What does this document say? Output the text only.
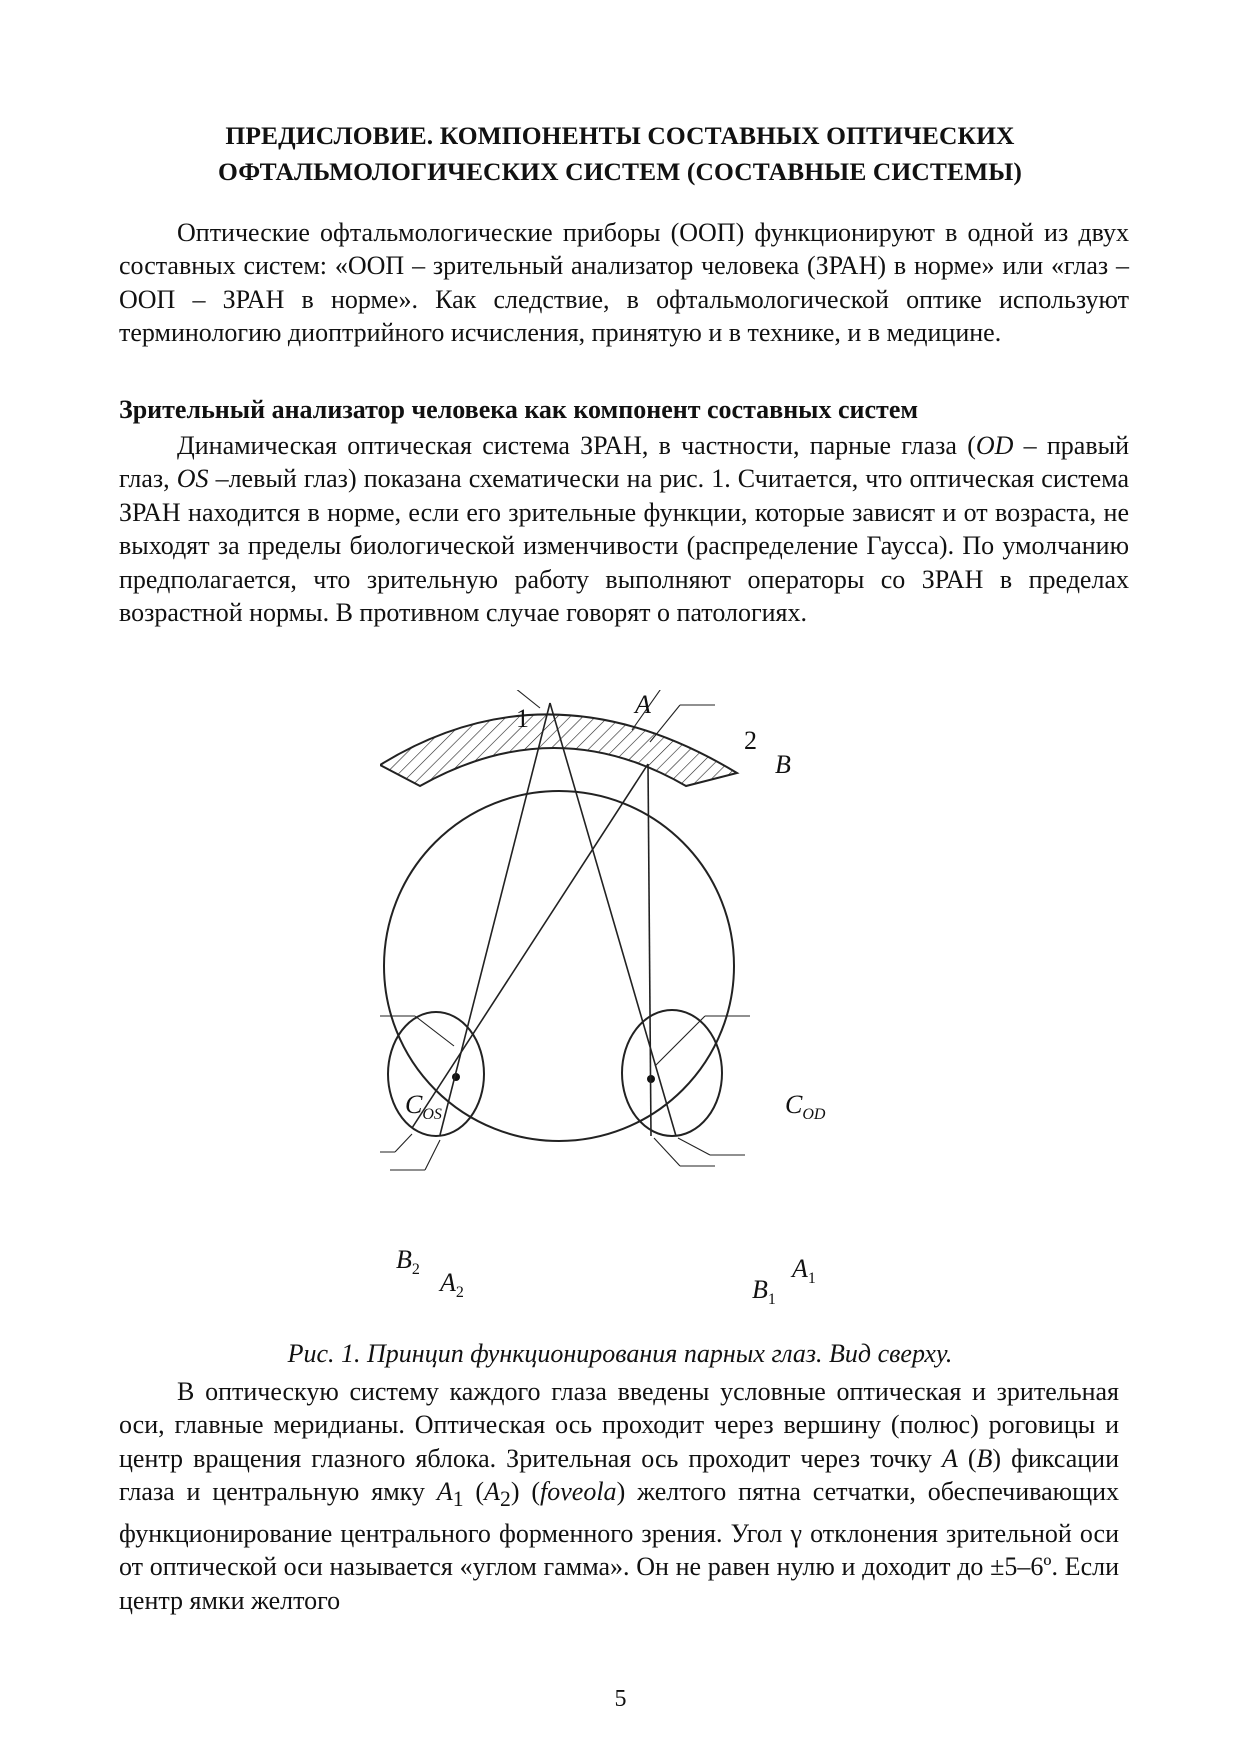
ПРЕДИСЛОВИЕ. КОМПОНЕНТЫ СОСТАВНЫХ ОПТИЧЕСКИХ
ОФТАЛЬМОЛОГИЧЕСКИХ СИСТЕМ (СОСТАВНЫЕ СИСТЕМЫ)
Оптические офтальмологические приборы (ООП) функционируют в одной из двух составных систем: «ООП – зрительный анализатор человека (ЗРАН) в норме» или «глаз – ООП – ЗРАН в норме». Как следствие, в офтальмологической оптике используют терминологию диоптрийного исчисления, принятую и в технике, и в медицине.
Зрительный анализатор человека как компонент составных систем
Динамическая оптическая система ЗРАН, в частности, парные глаза (OD – правый глаз, OS –левый глаз) показана схематически на рис. 1. Считается, что оптическая система ЗРАН находится в норме, если его зрительные функции, которые зависят и от возраста, не выходят за пределы биологической изменчивости (распределение Гаусса). По умолчанию предполагается, что зрительную работу выполняют операторы со ЗРАН в пределах возрастной нормы. В противном случае говорят о патологиях.
1	A
2
B
$C_{OS}$	$C_{OD}$
$B_2$ $A_2$
$A_1$
$B_1$
Рис. 1. Принцип функционирования парных глаз. Вид сверху.
В оптическую систему каждого глаза введены условные оптическая и зрительная оси, главные меридианы. Оптическая ось проходит через вершину (полюс) роговицы и центр вращения глазного яблока. Зрительная ось проходит через точку A (B) фиксации глаза и центральную ямку $A_1$ $(A_2)$ (foveola) желтого пятна сетчатки, обеспечивающих функционирование центрального форменного зрения. Угол γ отклонения зрительной оси от оптической оси называется «углом гамма». Он не равен нулю и доходит до ±5–6º. Если центр ямки желтого
5
